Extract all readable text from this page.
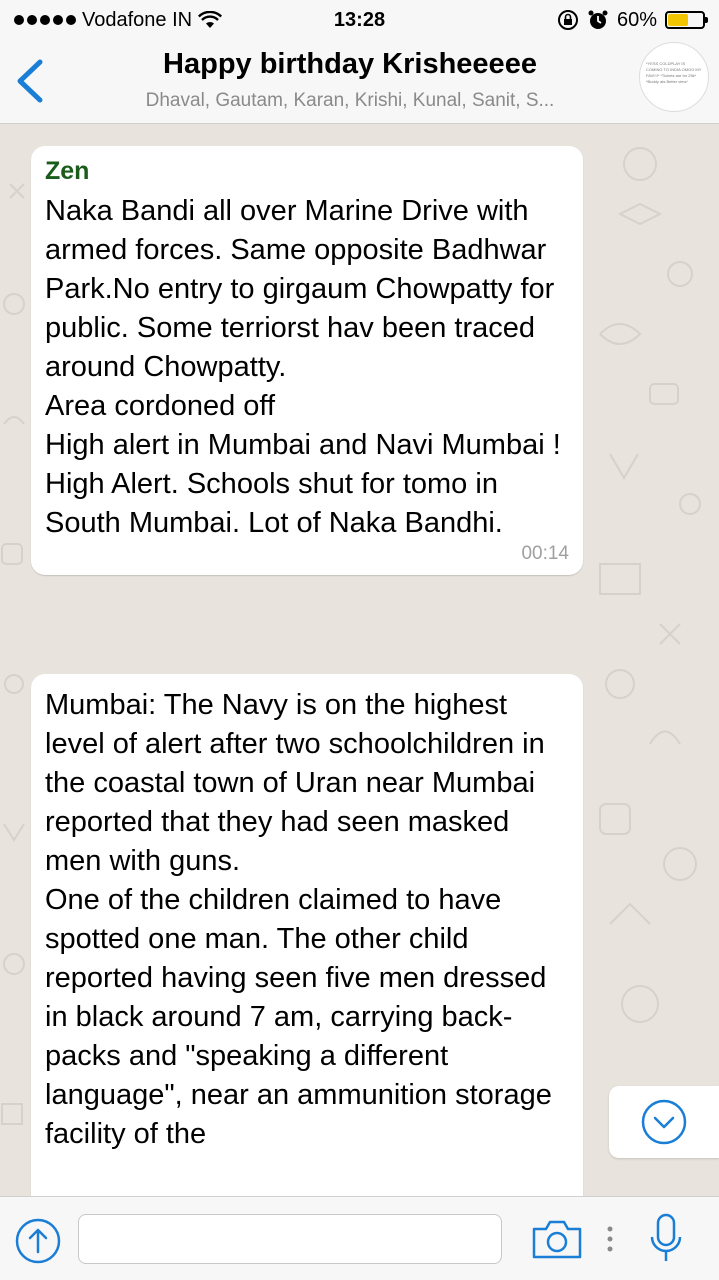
Vodafone IN	13:28	60%
Happy birthday Krisheeeee
Dhaval, Gautam, Karan, Krishi, Kunal, Sanit, S...
*YESS COLDPLAY IS COMING TO INDIA OMGG MY FAV!!!!* *Tickets are for 25k* *Buddy ats Better view*
Zen
Naka Bandi all over Marine Drive with armed forces. Same opposite Badhwar Park.No entry to girgaum Chowpatty for public. Some terriorst hav been traced around Chowpatty.
Area cordoned off
High alert in Mumbai and Navi Mumbai !
High Alert. Schools shut for tomo in South Mumbai. Lot of Naka Bandhi.
00:14
Mumbai: The Navy is on the highest level of alert after two schoolchildren in the coastal town of Uran near Mumbai reported that they had seen masked men with guns.
One of the children claimed to have spotted one man. The other child reported having seen five men dressed in black around 7 am, carrying back-packs and "speaking a different language", near an ammunition storage facility of the
